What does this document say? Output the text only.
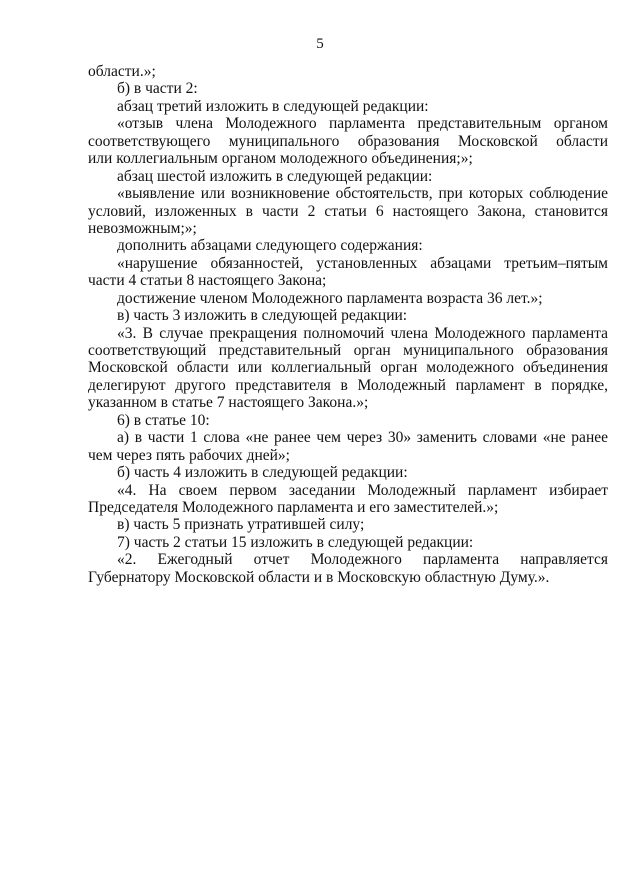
5
области.»;
б) в части 2:
абзац третий изложить в следующей редакции:
«отзыв члена Молодежного парламента представительным органом
соответствующего муниципального образования Московской области
или коллегиальным органом молодежного объединения;»;
абзац шестой изложить в следующей редакции:
«выявление или возникновение обстоятельств, при которых соблюдение
условий, изложенных в части 2 статьи 6 настоящего Закона, становится
невозможным;»;
дополнить абзацами следующего содержания:
«нарушение обязанностей, установленных абзацами третьим–пятым
части 4 статьи 8 настоящего Закона;
достижение членом Молодежного парламента возраста 36 лет.»;
в) часть 3 изложить в следующей редакции:
«3. В случае прекращения полномочий члена Молодежного парламента
соответствующий представительный орган муниципального образования
Московской области или коллегиальный орган молодежного объединения
делегируют другого представителя в Молодежный парламент в порядке,
указанном в статье 7 настоящего Закона.»;
6) в статье 10:
а) в части 1 слова «не ранее чем через 30» заменить словами «не ранее
чем через пять рабочих дней»;
б) часть 4 изложить в следующей редакции:
«4. На своем первом заседании Молодежный парламент избирает
Председателя Молодежного парламента и его заместителей.»;
в) часть 5 признать утратившей силу;
7) часть 2 статьи 15 изложить в следующей редакции:
«2. Ежегодный отчет Молодежного парламента направляется
Губернатору Московской области и в Московскую областную Думу.».
